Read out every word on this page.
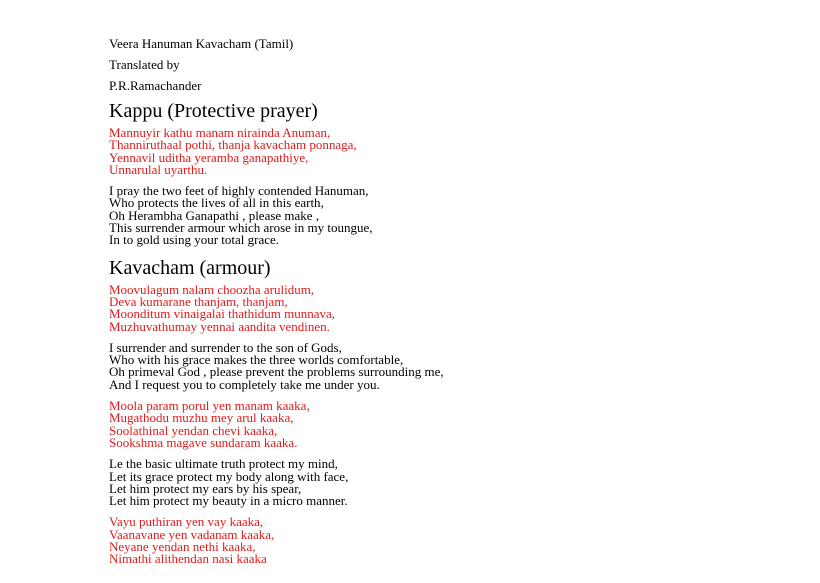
Veera Hanuman Kavacham (Tamil)
Translated by
P.R.Ramachander
Kappu (Protective prayer)
Mannuyir kathu manam nirainda Anuman,
Thanniruthaal pothi, thanja kavacham ponnaga,
Yennavil uditha yeramba ganapathiye,
Unnarulal uyarthu.
I pray the two feet of highly contended Hanuman,
Who protects the lives of all in this earth,
Oh Herambha Ganapathi , please make ,
This surrender armour which arose in my toungue,
In to gold using your total grace.
Kavacham (armour)
Moovulagum nalam choozha arulidum,
Deva kumarane thanjam, thanjam,
Moonditum vinaigalai thathidum munnava,
Muzhuvathumay yennai aandita vendinen.
I surrender and surrender to the son of Gods,
Who with his grace makes the three worlds comfortable,
Oh primeval God , please prevent the problems surrounding me,
And I request you to completely take me under you.
Moola param porul yen manam kaaka,
Mugathodu muzhu mey arul kaaka,
Soolathinal yendan chevi kaaka,
Sookshma magave sundaram kaaka.
Le the basic ultimate truth protect my mind,
Let its grace protect my body along with face,
Let him protect my ears by his spear,
Let him protect my beauty in a micro manner.
Vayu puthiran yen vay kaaka,
Vaanavane yen vadanam kaaka,
Neyane yendan nethi kaaka,
Nimathi alithendan nasi kaaka
